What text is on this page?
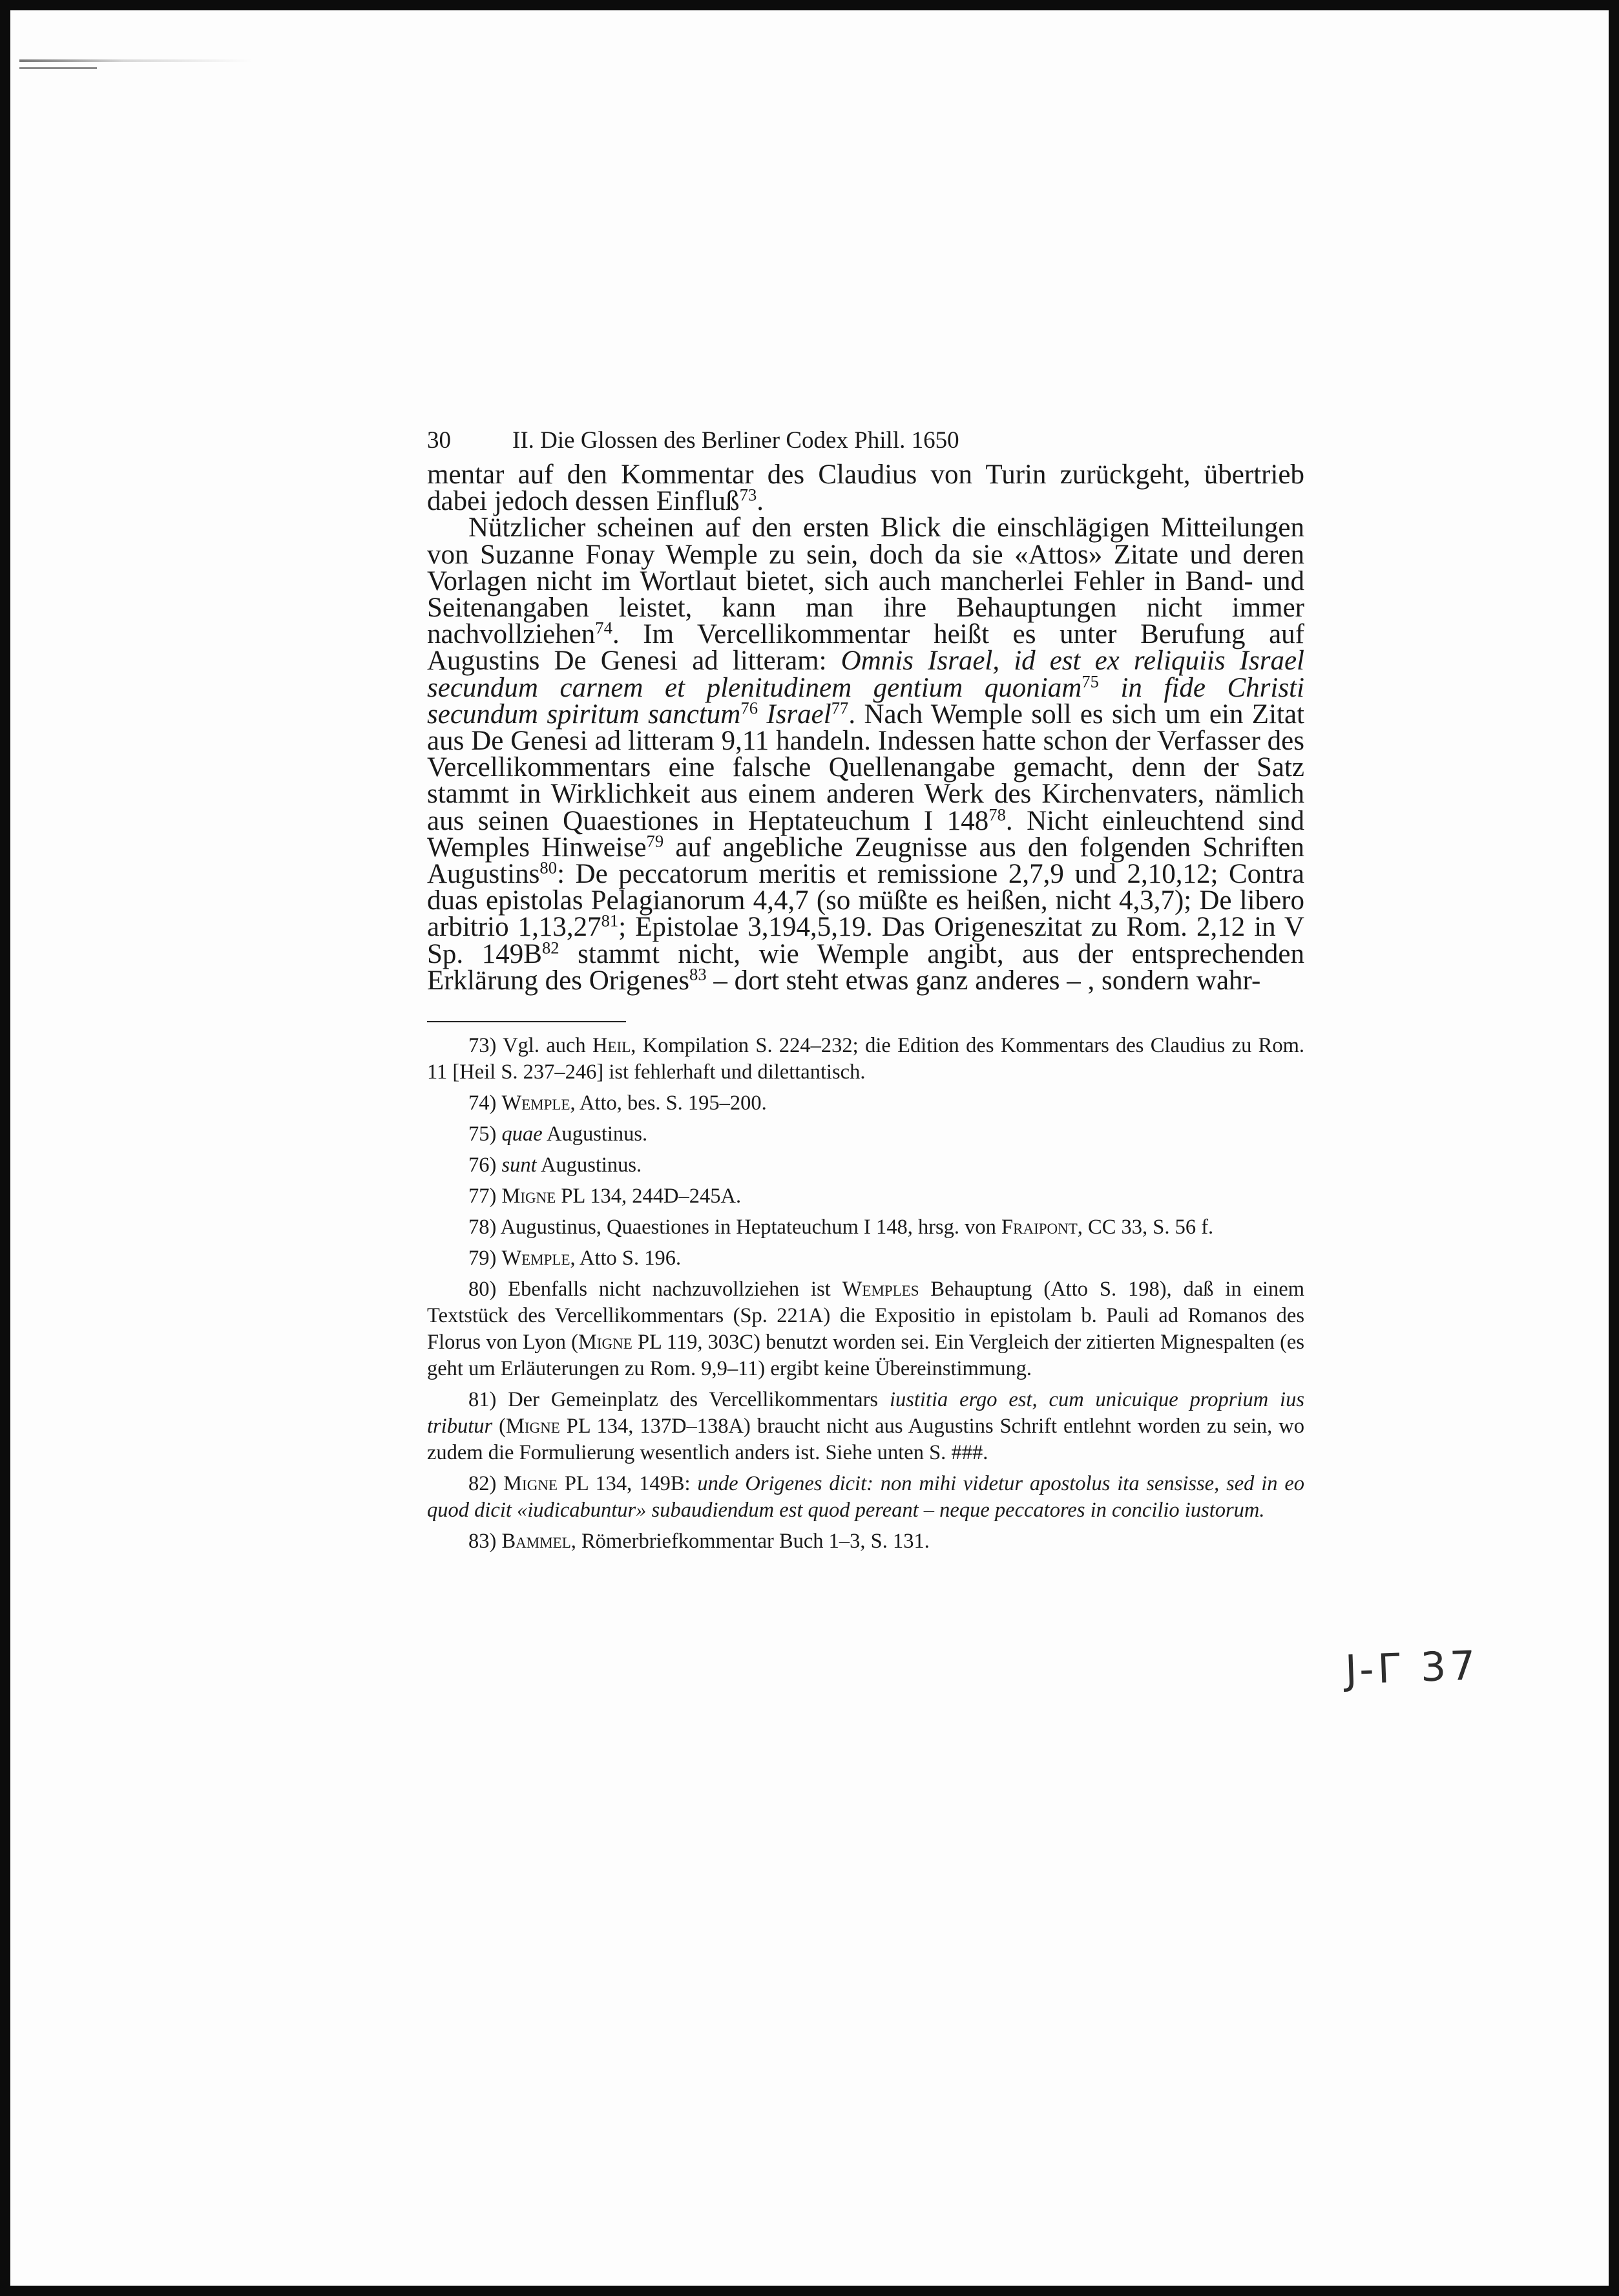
30	II. Die Glossen des Berliner Codex Phill. 1650

mentar auf den Kommentar des Claudius von Turin zurückgeht, übertrieb dabei jedoch dessen Einfluß$^{73}$.

Nützlicher scheinen auf den ersten Blick die einschlägigen Mitteilungen von Suzanne Fonay Wemple zu sein, doch da sie «Attos» Zitate und deren Vorlagen nicht im Wortlaut bietet, sich auch mancherlei Fehler in Band- und Seitenangaben leistet, kann man ihre Behauptungen nicht immer nachvollziehen$^{74}$. Im Vercellikommentar heißt es unter Berufung auf Augustins De Genesi ad litteram: Omnis Israel, id est ex reliquiis Israel secundum carnem et plenitudinem gentium quoniam$^{75}$ in fide Christi secundum spiritum sanctum$^{76}$ Israel$^{77}$. Nach Wemple soll es sich um ein Zitat aus De Genesi ad litteram 9,11 handeln. Indessen hatte schon der Verfasser des Vercellikommentars eine falsche Quellenangabe gemacht, denn der Satz stammt in Wirklichkeit aus einem anderen Werk des Kirchenvaters, nämlich aus seinen Quaestiones in Heptateuchum I $148^{78}$. Nicht einleuchtend sind Wemples Hinweise$^{79}$ auf angebliche Zeugnisse aus den folgenden Schriften Augustins$^{80}$: De peccatorum meritis et remissione 2,7,9 und 2,10,12; Contra duas epistolas Pelagianorum 4,4,7 (so müßte es heißen, nicht 4,3,7); De libero arbitrio 1,13,27$^{81}$; Epistolae 3,194,5,19. Das Origeneszitat zu Rom. 2,12 in V Sp. $149B^{82}$ stammt nicht, wie Wemple angibt, aus der entsprechenden Erklärung des Origenes$^{83}$ – dort steht etwas ganz anderes – , sondern wahr-

73) Vgl. auch Heil, Kompilation S. 224–232; die Edition des Kommentars des Claudius zu Rom. 11 [Heil S. 237–246] ist fehlerhaft und dilettantisch.

74) Wemple, Atto, bes. S. 195–200.

75) quae Augustinus.

76) sunt Augustinus.

77) Migne PL 134, 244D–245A.

78) Augustinus, Quaestiones in Heptateuchum I 148, hrsg. von Fraipont, CC 33, S. 56 f.

79) Wemple, Atto S. 196.

80) Ebenfalls nicht nachzuvollziehen ist Wemples Behauptung (Atto S. 198), daß in einem Textstück des Vercellikommentars (Sp. 221A) die Expositio in epistolam b. Pauli ad Romanos des Florus von Lyon (Migne PL 119, 303C) benutzt worden sei. Ein Vergleich der zitierten Mignespalten (es geht um Erläuterungen zu Rom. 9,9–11) ergibt keine Übereinstimmung.

81) Der Gemeinplatz des Vercellikommentars iustitia ergo est, cum unicuique proprium ius tributur (Migne PL 134, 137D–138A) braucht nicht aus Augustins Schrift entlehnt worden zu sein, wo zudem die Formulierung wesentlich anders ist. Siehe unten S. ###.

82) Migne PL 134, 149B: unde Origenes dicit: non mihi videtur apostolus ita sensisse, sed in eo quod dicit «iudicabuntur» subaudiendum est quod pereant – neque peccatores in concilio iustorum.

83) Bammel, Römerbriefkommentar Buch 1–3, S. 131.

J-Γ 37
